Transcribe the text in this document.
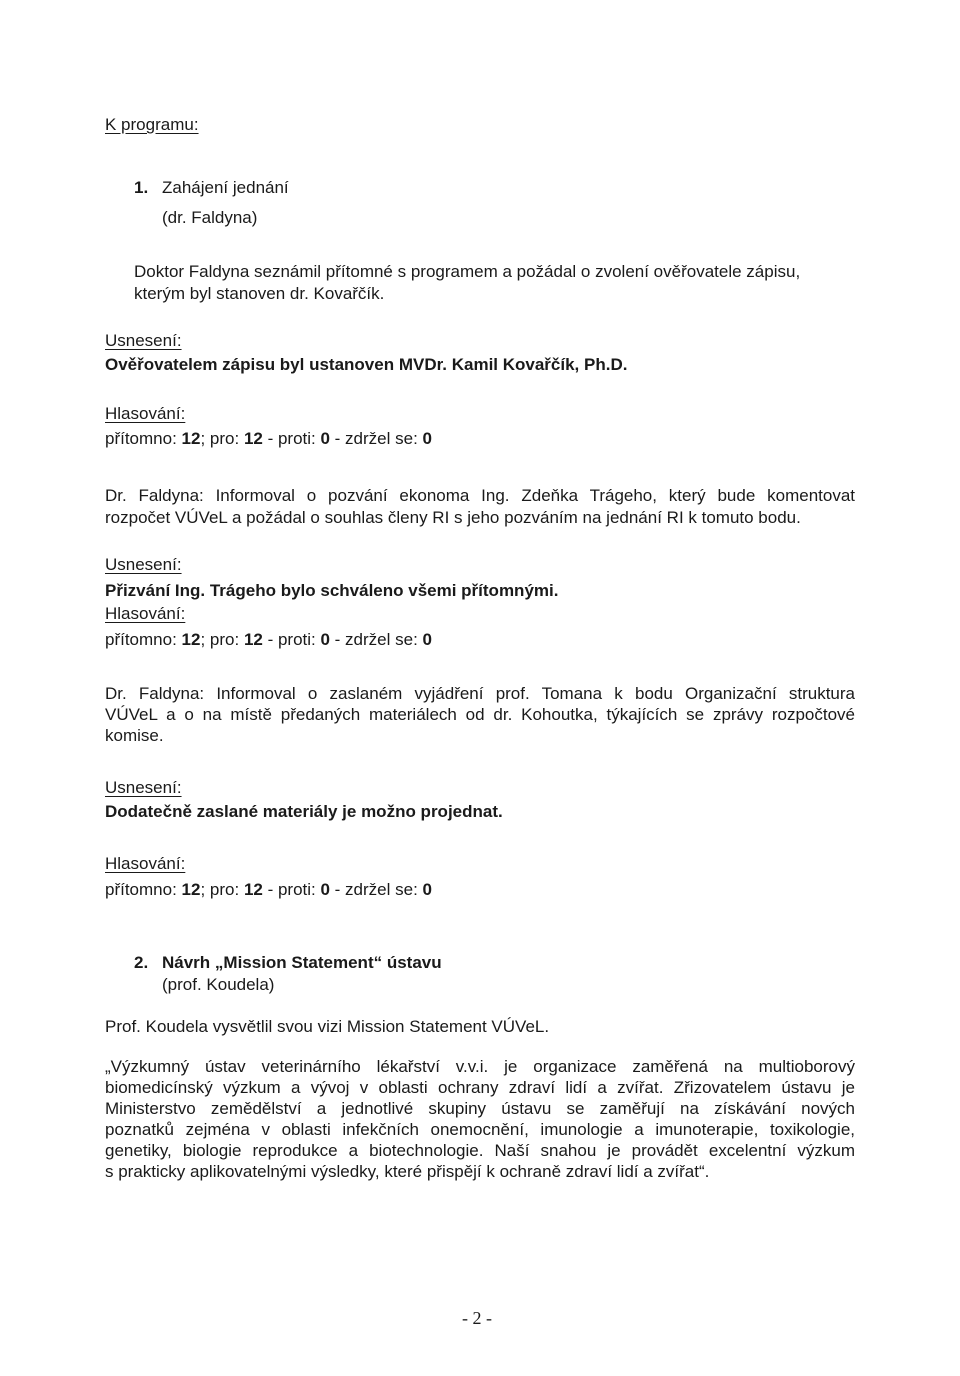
K programu:
1. Zahájení jednání
(dr. Faldyna)
Doktor Faldyna seznámil přítomné s programem a požádal o zvolení ověřovatele zápisu,
kterým byl stanoven dr. Kovařčík.
Usnesení:
Ověřovatelem zápisu byl ustanoven MVDr. Kamil Kovařčík, Ph.D.
Hlasování:
přítomno: 12; pro: 12 - proti: 0 - zdržel se: 0
Dr. Faldyna: Informoval o pozvání ekonoma Ing. Zdeňka Trágeho, který bude komentovat
rozpočet VÚVeL a požádal o souhlas členy RI s jeho pozváním na jednání RI k tomuto bodu.
Usnesení:
Přizvání Ing. Trágeho bylo schváleno všemi přítomnými.
Hlasování:
přítomno: 12; pro: 12 - proti: 0 - zdržel se: 0
Dr. Faldyna: Informoval o zaslaném vyjádření prof. Tomana k bodu Organizační struktura
VÚVeL a o na místě předaných materiálech od dr. Kohoutka, týkajících se zprávy rozpočtové
komise.
Usnesení:
Dodatečně zaslané materiály je možno projednat.
Hlasování:
přítomno: 12; pro: 12 - proti: 0 - zdržel se: 0
2. Návrh „Mission Statement“ ústavu
(prof. Koudela)
Prof. Koudela vysvětlil svou vizi Mission Statement VÚVeL.
„Výzkumný ústav veterinárního lékařství v.v.i. je organizace zaměřená na multioborový
biomedicínský výzkum a vývoj v oblasti ochrany zdraví lidí a zvířat. Zřizovatelem ústavu je
Ministerstvo zemědělství a jednotlivé skupiny ústavu se zaměřují na získávání nových
poznatků zejména v oblasti infekčních onemocnění, imunologie a imunoterapie, toxikologie,
genetiky, biologie reprodukce a biotechnologie. Naší snahou je provádět excelentní výzkum
s prakticky aplikovatelnými výsledky, které přispějí k ochraně zdraví lidí a zvířat“.
- 2 -
